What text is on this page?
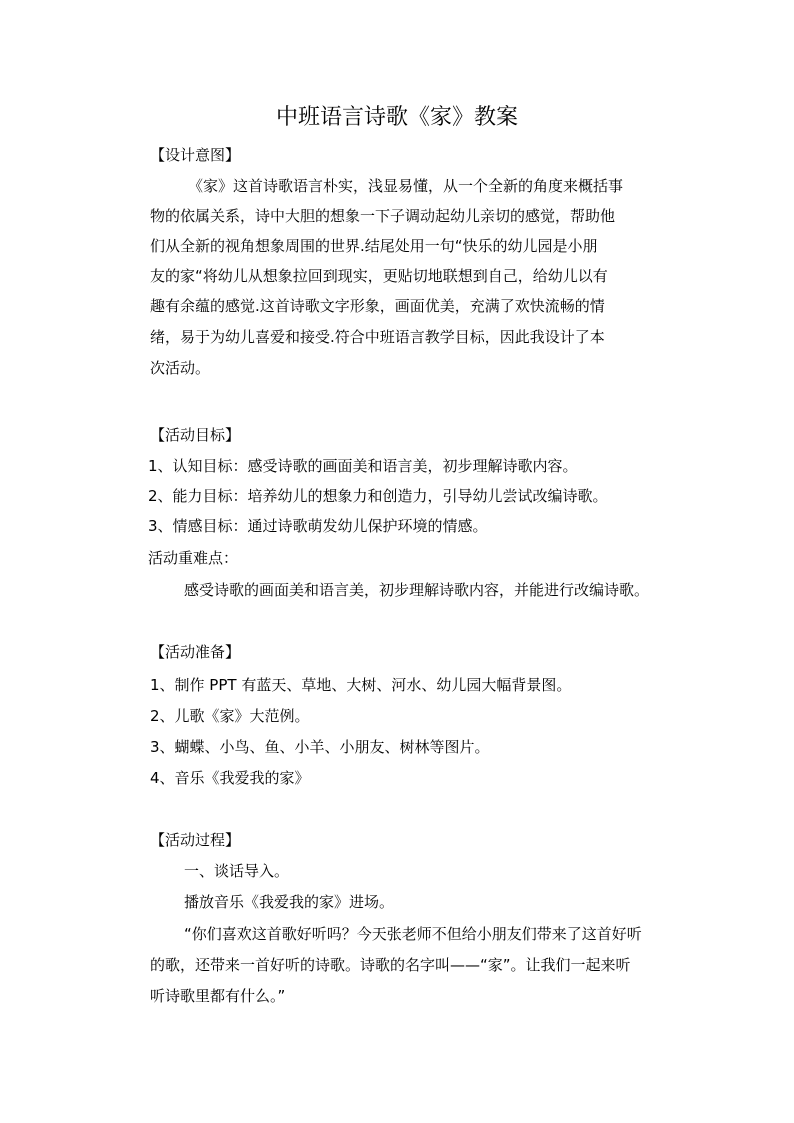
中班语言诗歌《家》教案
【设计意图】
《家》这首诗歌语言朴实，浅显易懂，从一个全新的角度来概括事
物的依属关系，诗中大胆的想象一下子调动起幼儿亲切的感觉，帮助他
们从全新的视角想象周围的世界.结尾处用一句“快乐的幼儿园是小朋
友的家“将幼儿从想象拉回到现实，更贴切地联想到自己，给幼儿以有
趣有余蕴的感觉.这首诗歌文字形象，画面优美，充满了欢快流畅的情
绪，易于为幼儿喜爱和接受.符合中班语言教学目标，因此我设计了本
次活动。
【活动目标】
1、认知目标：感受诗歌的画面美和语言美，初步理解诗歌内容。
2、能力目标：培养幼儿的想象力和创造力，引导幼儿尝试改编诗歌。
3、情感目标：通过诗歌萌发幼儿保护环境的情感。
活动重难点：
感受诗歌的画面美和语言美，初步理解诗歌内容，并能进行改编诗歌。
【活动准备】
1、制作 PPT 有蓝天、草地、大树、河水、幼儿园大幅背景图。
2、儿歌《家》大范例。
3、蝴蝶、小鸟、鱼、小羊、小朋友、树林等图片。
4、音乐《我爱我的家》
【活动过程】
一、谈话导入。
播放音乐《我爱我的家》进场。
“你们喜欢这首歌好听吗？今天张老师不但给小朋友们带来了这首好听
的歌，还带来一首好听的诗歌。诗歌的名字叫——“家”。让我们一起来听
听诗歌里都有什么。”
